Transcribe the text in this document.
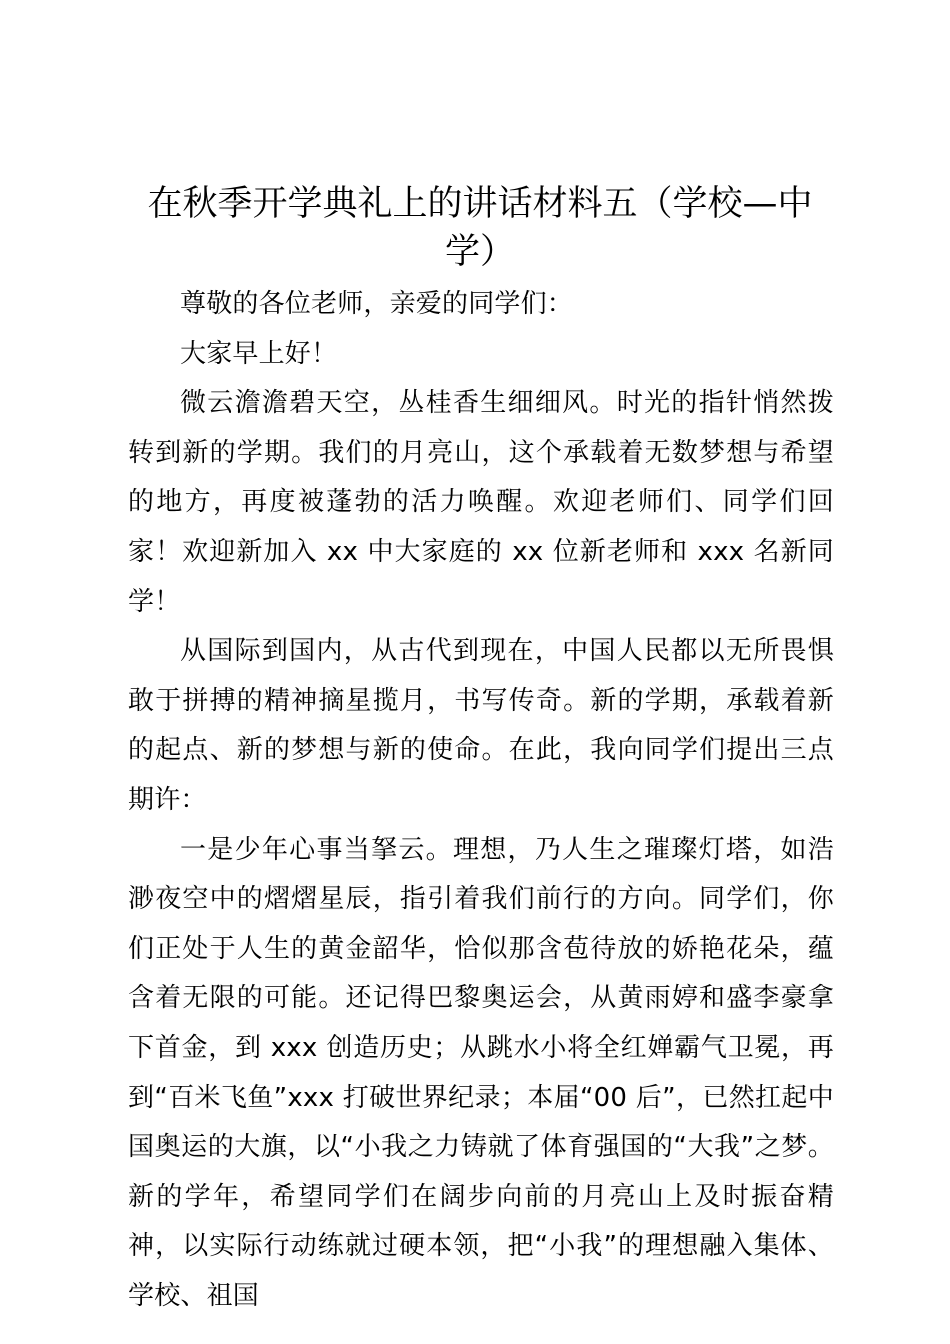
在秋季开学典礼上的讲话材料五（学校—中学）

尊敬的各位老师，亲爱的同学们：

大家早上好！

微云澹澹碧天空，丛桂香生细细风。时光的指针悄然拨转到新的学期。我们的月亮山，这个承载着无数梦想与希望的地方，再度被蓬勃的活力唤醒。欢迎老师们、同学们回家！欢迎新加入 xx 中大家庭的 xx 位新老师和 xxx 名新同学！

从国际到国内，从古代到现在，中国人民都以无所畏惧敢于拼搏的精神摘星揽月，书写传奇。新的学期，承载着新的起点、新的梦想与新的使命。在此，我向同学们提出三点期许：

一是少年心事当拏云。理想，乃人生之璀璨灯塔，如浩渺夜空中的熠熠星辰，指引着我们前行的方向。同学们，你们正处于人生的黄金韶华，恰似那含苞待放的娇艳花朵，蕴含着无限的可能。还记得巴黎奥运会，从黄雨婷和盛李豪拿下首金，到 xxx 创造历史；从跳水小将全红婵霸气卫冕，再到“百米飞鱼”xxx 打破世界纪录；本届“00 后”，已然扛起中国奥运的大旗，以“小我之力铸就了体育强国的“大我”之梦。新的学年，希望同学们在阔步向前的月亮山上及时振奋精神，以实际行动练就过硬本领，把“小我”的理想融入集体、学校、祖国
